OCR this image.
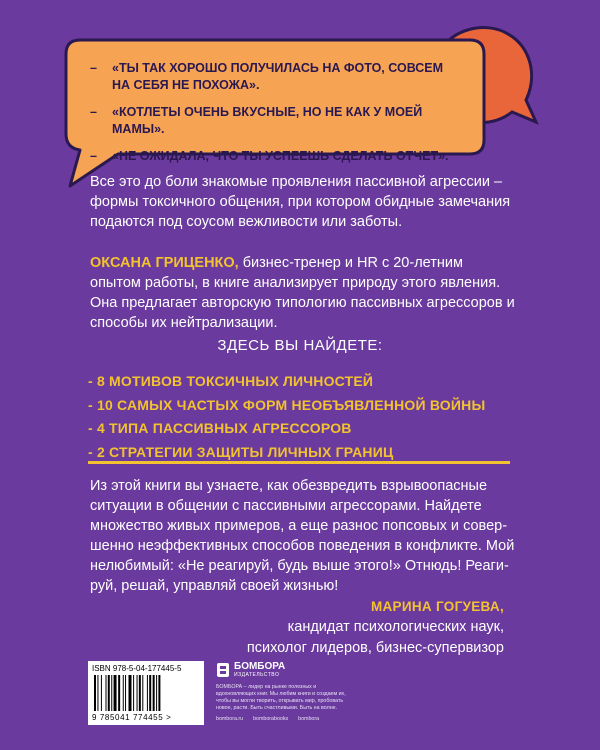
– «ТЫ ТАК ХОРОШО ПОЛУЧИЛАСЬ НА ФОТО, СОВСЕМ НА СЕБЯ НЕ ПОХОЖА».
– «КОТЛЕТЫ ОЧЕНЬ ВКУСНЫЕ, НО НЕ КАК У МОЕЙ МАМЫ».
– «НЕ ОЖИДАЛА, ЧТО ТЫ УСПЕЕШЬ СДЕЛАТЬ ОТЧЕТ».
Все это до боли знакомые проявления пассивной агрессии – формы токсичного общения, при котором обидные замечания подаются под соусом вежливости или заботы.
ОКСАНА ГРИЦЕНКО, бизнес-тренер и HR с 20-летним опытом работы, в книге анализирует природу этого явления. Она предлагает авторскую типологию пассивных агрессоров и способы их нейтрализации.
ЗДЕСЬ ВЫ НАЙДЕТЕ:
- 8 МОТИВОВ ТОКСИЧНЫХ ЛИЧНОСТЕЙ
- 10 САМЫХ ЧАСТЫХ ФОРМ НЕОБЪЯВЛЕННОЙ ВОЙНЫ
- 4 ТИПА ПАССИВНЫХ АГРЕССОРОВ
- 2 СТРАТЕГИИ ЗАЩИТЫ ЛИЧНЫХ ГРАНИЦ
Из этой книги вы узнаете, как обезвредить взрывоопасные ситуации в общении с пассивными агрессорами. Найдете множество живых примеров, а еще разнос попсовых и совершенно неэффективных способов поведения в конфликте. Мой нелюбимый: «Не реагируй, будь выше этого!» Отнюдь! Реагируй, решай, управляй своей жизнью!
МАРИНА ГОГУЕВА,
кандидат психологических наук,
психолог лидеров, бизнес-супервизор
ISBN 978-5-04-177445-5
9 785041 774455 >
БОМБОРА
ИЗДАТЕЛЬСТВО
БОМБОРА – лидер на рынке полезных и вдохновляющих книг. Мы любим книги и создаем их, чтобы вы могли творить, открывать мир, пробовать новое, расти. Быть счастливыми. Быть на волне.
bombora.ru bomborabooks bombora
